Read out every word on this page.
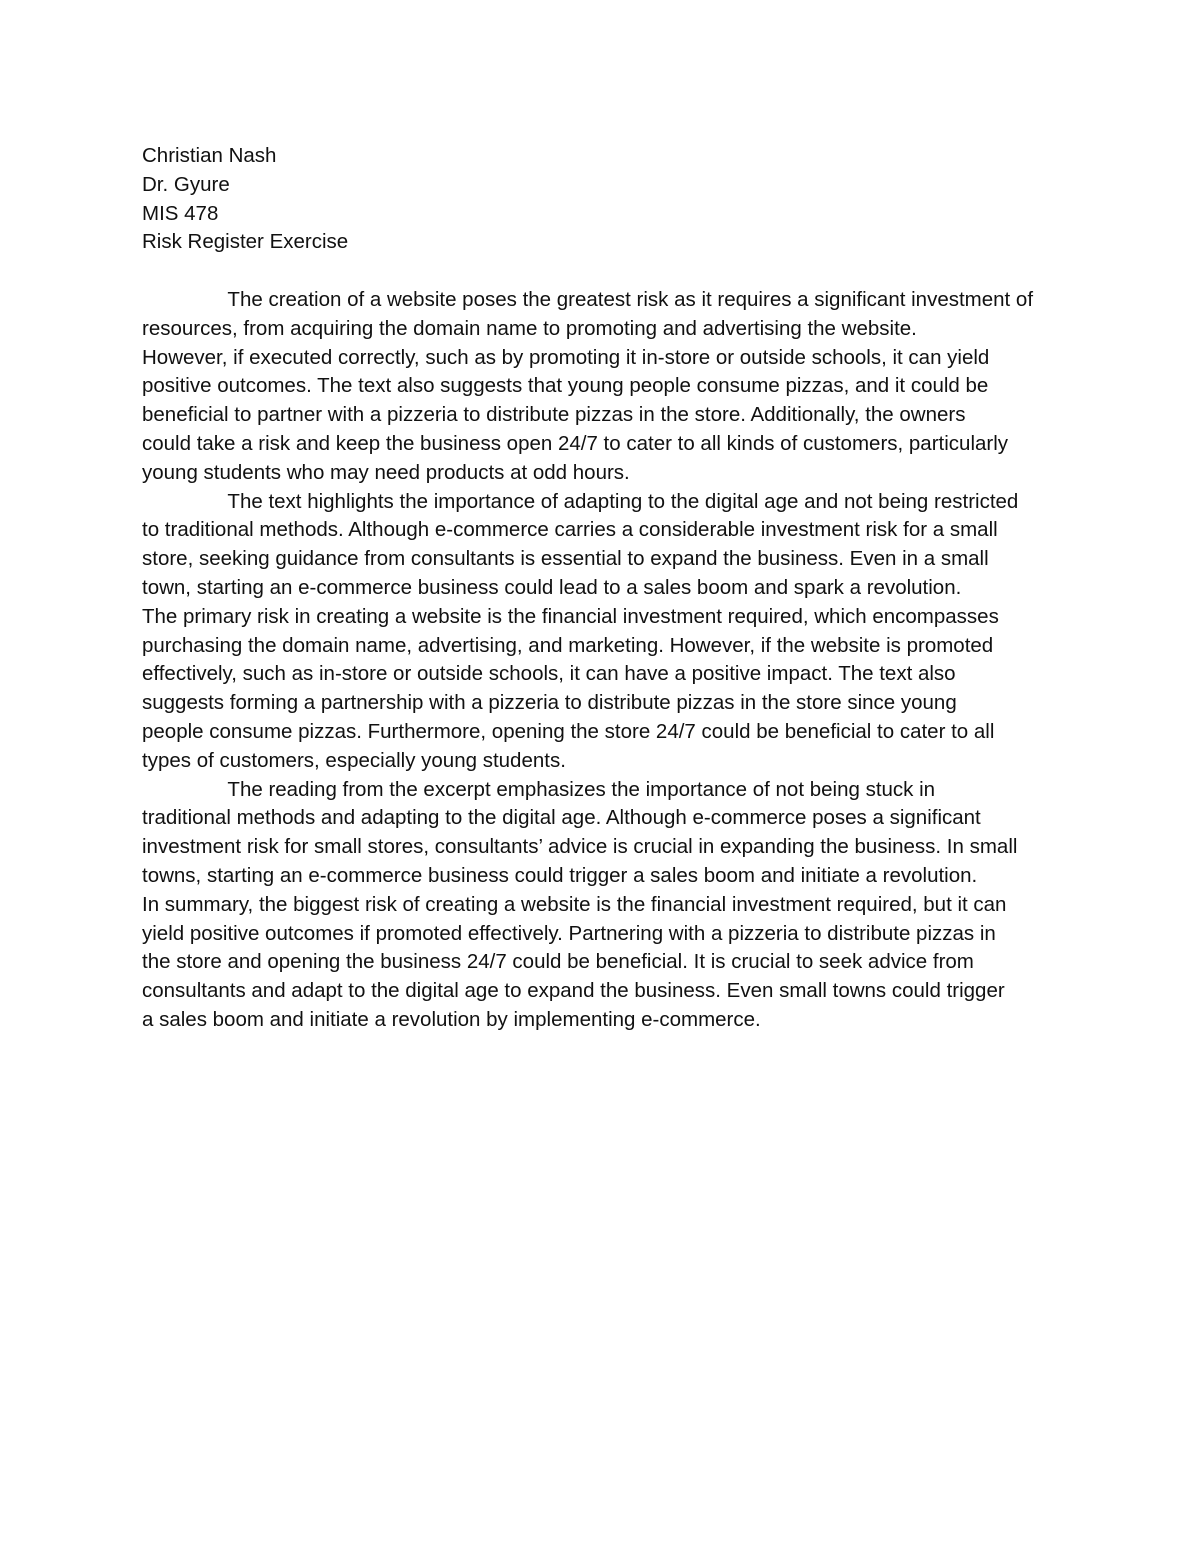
Christian Nash
Dr. Gyure
MIS 478
Risk Register Exercise

The creation of a website poses the greatest risk as it requires a significant investment of
resources, from acquiring the domain name to promoting and advertising the website.
However, if executed correctly, such as by promoting it in-store or outside schools, it can yield
positive outcomes. The text also suggests that young people consume pizzas, and it could be
beneficial to partner with a pizzeria to distribute pizzas in the store. Additionally, the owners
could take a risk and keep the business open 24/7 to cater to all kinds of customers, particularly
young students who may need products at odd hours.

The text highlights the importance of adapting to the digital age and not being restricted
to traditional methods. Although e-commerce carries a considerable investment risk for a small
store, seeking guidance from consultants is essential to expand the business. Even in a small
town, starting an e-commerce business could lead to a sales boom and spark a revolution.
The primary risk in creating a website is the financial investment required, which encompasses
purchasing the domain name, advertising, and marketing. However, if the website is promoted
effectively, such as in-store or outside schools, it can have a positive impact. The text also
suggests forming a partnership with a pizzeria to distribute pizzas in the store since young
people consume pizzas. Furthermore, opening the store 24/7 could be beneficial to cater to all
types of customers, especially young students.

The reading from the excerpt emphasizes the importance of not being stuck in
traditional methods and adapting to the digital age. Although e-commerce poses a significant
investment risk for small stores, consultants’ advice is crucial in expanding the business. In small
towns, starting an e-commerce business could trigger a sales boom and initiate a revolution.
In summary, the biggest risk of creating a website is the financial investment required, but it can
yield positive outcomes if promoted effectively. Partnering with a pizzeria to distribute pizzas in
the store and opening the business 24/7 could be beneficial. It is crucial to seek advice from
consultants and adapt to the digital age to expand the business. Even small towns could trigger
a sales boom and initiate a revolution by implementing e-commerce.
